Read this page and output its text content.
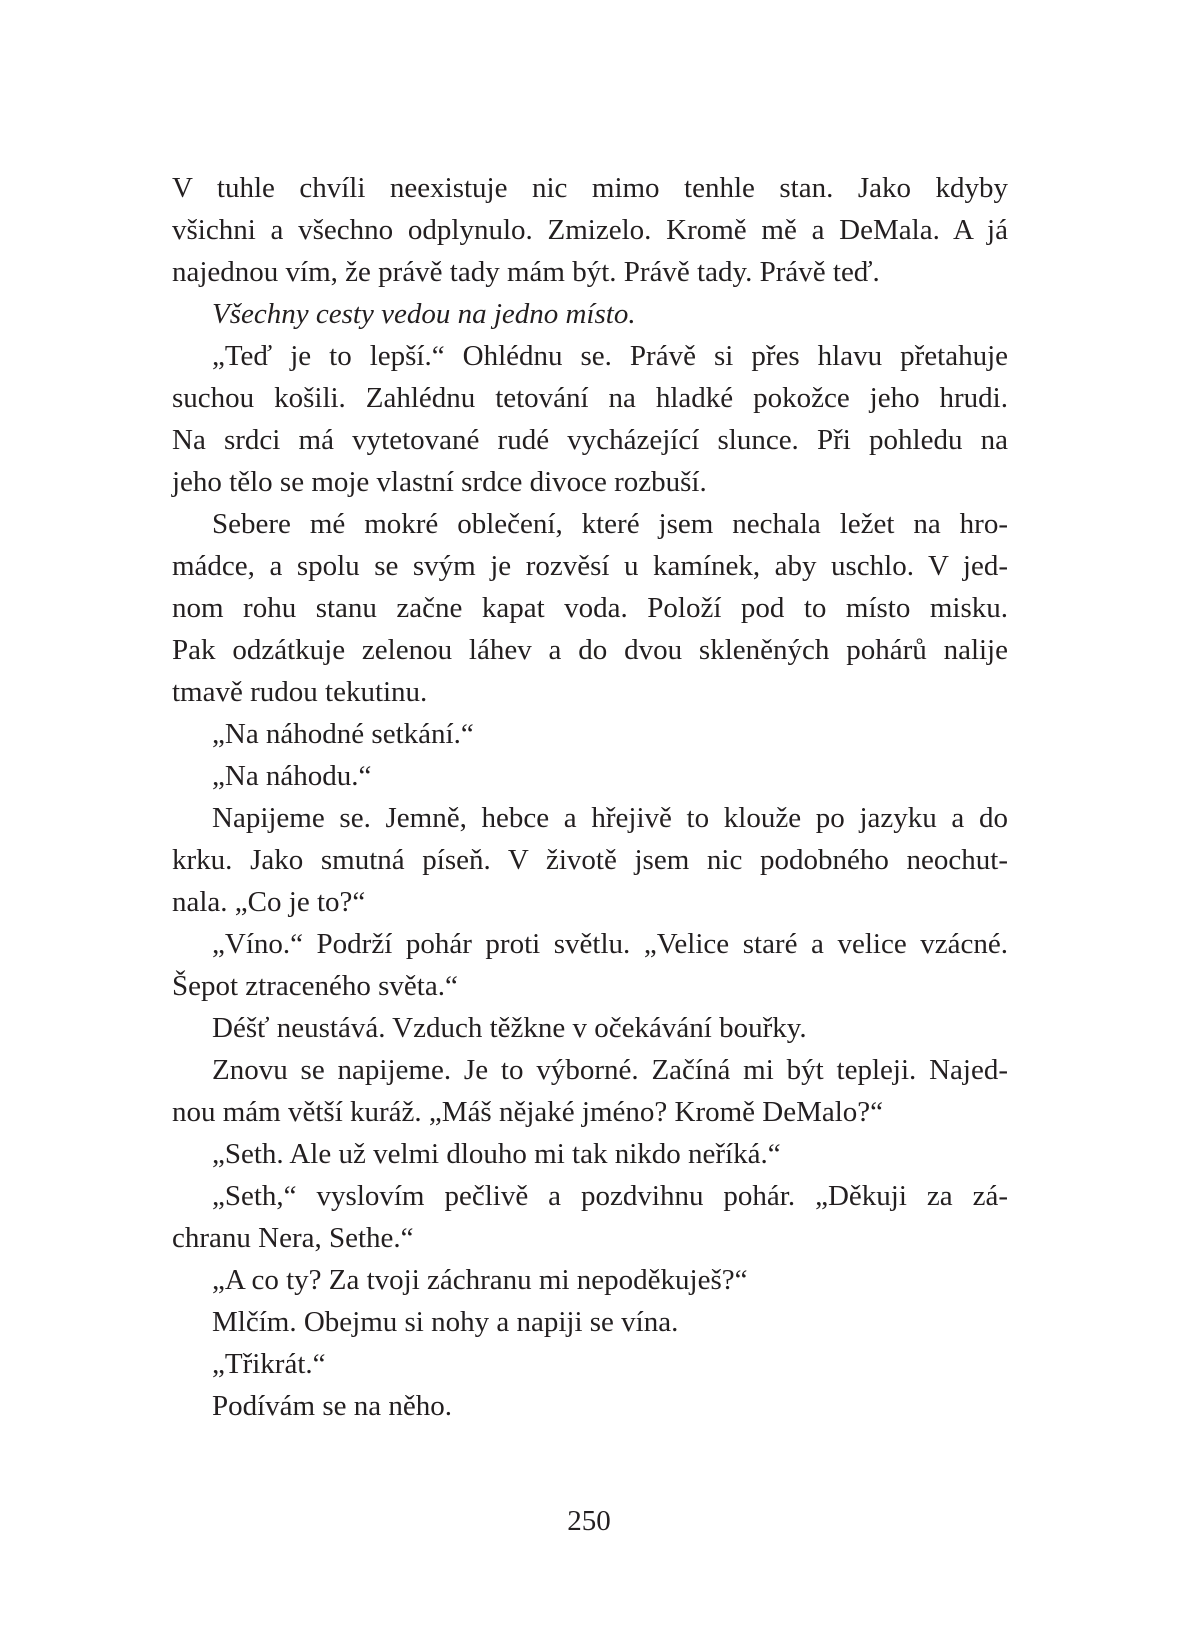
V tuhle chvíli neexistuje nic mimo tenhle stan. Jako kdyby
všichni a všechno odplynulo. Zmizelo. Kromě mě a DeMala. A já
najednou vím, že právě tady mám být. Právě tady. Právě teď.
Všechny cesty vedou na jedno místo.
„Teď je to lepší.“ Ohlédnu se. Právě si přes hlavu přetahuje
suchou košili. Zahlédnu tetování na hladké pokožce jeho hrudi.
Na srdci má vytetované rudé vycházející slunce. Při pohledu na
jeho tělo se moje vlastní srdce divoce rozbuší.
Sebere mé mokré oblečení, které jsem nechala ležet na hro-
mádce, a spolu se svým je rozvěsí u kamínek, aby uschlo. V jed-
nom rohu stanu začne kapat voda. Položí pod to místo misku.
Pak odzátkuje zelenou láhev a do dvou skleněných pohárů nalije
tmavě rudou tekutinu.
„Na náhodné setkání.“
„Na náhodu.“
Napijeme se. Jemně, hebce a hřejivě to klouže po jazyku a do
krku. Jako smutná píseň. V životě jsem nic podobného neochut-
nala. „Co je to?“
„Víno.“ Podrží pohár proti světlu. „Velice staré a velice vzácné.
Šepot ztraceného světa.“
Déšť neustává. Vzduch těžkne v očekávání bouřky.
Znovu se napijeme. Je to výborné. Začíná mi být tepleji. Najed-
nou mám větší kuráž. „Máš nějaké jméno? Kromě DeMalo?“
„Seth. Ale už velmi dlouho mi tak nikdo neříká.“
„Seth,“ vyslovím pečlivě a pozdvihnu pohár. „Děkuji za zá-
chranu Nera, Sethe.“
„A co ty? Za tvoji záchranu mi nepoděkuješ?“
Mlčím. Obejmu si nohy a napiji se vína.
„Třikrát.“
Podívám se na něho.
250
